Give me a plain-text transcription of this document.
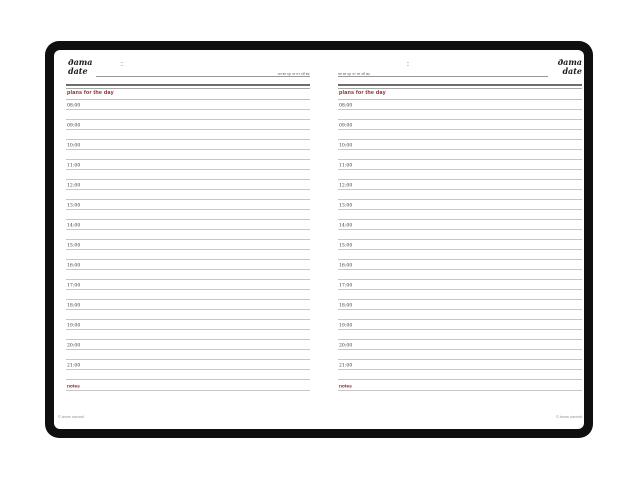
дата
date
:
пн вт ср чт пт сб вс
plans for the day
08:00
09:00
10:00
11:00
12:00
13:00
14:00
15:00
16:00
17:00
18:00
19:00
20:00
21:00
notes
© bruno visconti
дата
date
:
пн вт ср чт пт сб вс
plans for the day
08:00
09:00
10:00
11:00
12:00
13:00
14:00
15:00
16:00
17:00
18:00
19:00
20:00
21:00
notes
© bruno visconti
